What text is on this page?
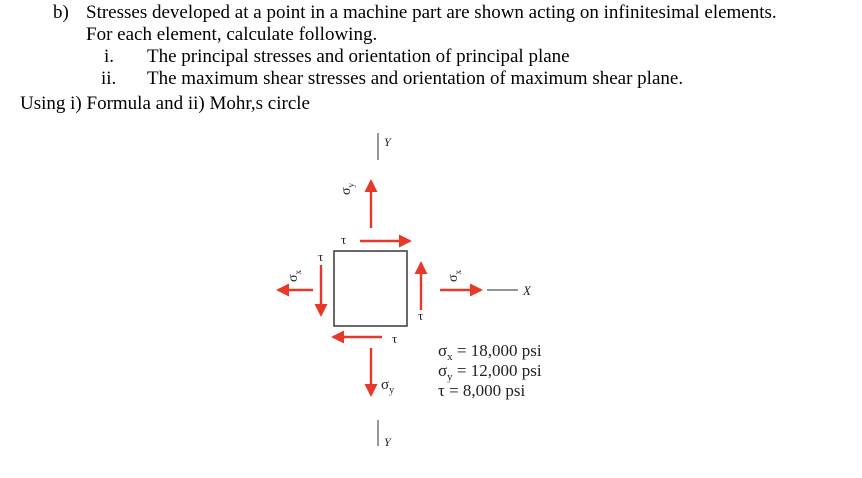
b) Stresses developed at a point in a machine part are shown acting on infinitesimal elements.
For each element, calculate following.
i. The principal stresses and orientation of principal plane
ii. The maximum shear stresses and orientation of maximum shear plane.
Using i) Formula and ii) Mohr,s circle
Y
Y
X
$\sigma_y$
$\sigma_x$
$\sigma_x$
$\sigma_y$
τ
τ
τ
τ
$\sigma_x = 18,000$ psi
$\sigma_y = 12,000$ psi
τ = 8,000 psi
